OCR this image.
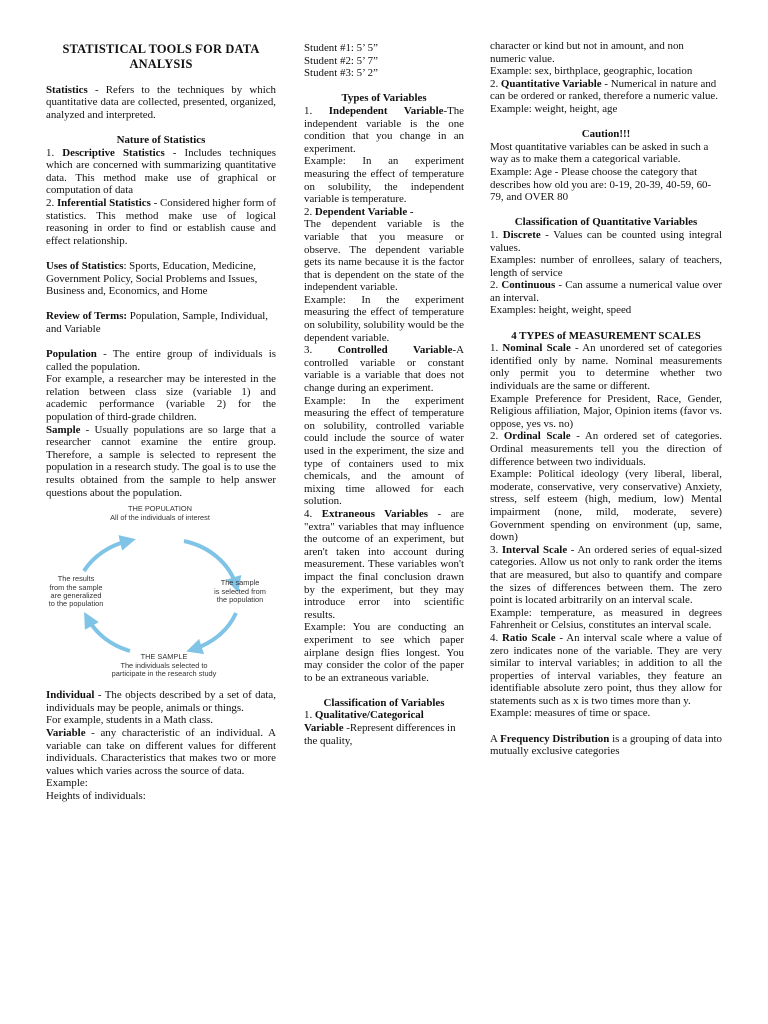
STATISTICAL TOOLS FOR DATA ANALYSIS

Statistics - Refers to the techniques by which quantitative data are collected, presented, organized, analyzed and interpreted.

Nature of Statistics

1. Descriptive Statistics - Includes techniques which are concerned with summarizing quantitative data. This method make use of graphical or computation of data

2. Inferential Statistics - Considered higher form of statistics. This method make use of logical reasoning in order to find or establish cause and effect relationship.

Uses of Statistics: Sports, Education, Medicine, Government Policy, Social Problems and Issues, Business and, Economics, and Home

Review of Terms: Population, Sample, Individual, and Variable

Population - The entire group of individuals is called the population.

For example, a researcher may be interested in the relation between class size (variable 1) and academic performance (variable 2) for the population of third-grade children.

Sample - Usually populations are so large that a researcher cannot examine the entire group. Therefore, a sample is selected to represent the population in a research study. The goal is to use the results obtained from the sample to help answer questions about the population.

THE POPULATION
All of the individuals of interest
The sample
is selected from
the population
The results
from the sample
are generalized
to the population
THE SAMPLE
The individuals selected to
participate in the research study

Individual - The objects described by a set of data, individuals may be people, animals or things.

For example, students in a Math class.

Variable - any characteristic of an individual. A variable can take on different values for different individuals. Characteristics that makes two or more values which varies across the source of data.

Example:

Heights of individuals:

Student #1: 5’ 5”

Student #2: 5’ 7”

Student #3: 5’ 2”

Types of Variables

1. Independent Variable-The independent variable is the one condition that you change in an experiment.

Example: In an experiment measuring the effect of temperature on solubility, the independent variable is temperature.

2. Dependent Variable -

The dependent variable is the variable that you measure or observe. The dependent variable gets its name because it is the factor that is dependent on the state of the independent variable.

Example: In the experiment measuring the effect of temperature on solubility, solubility would be the dependent variable.

3. Controlled Variable-A controlled variable or constant variable is a variable that does not change during an experiment.

Example: In the experiment measuring the effect of temperature on solubility, controlled variable could include the source of water used in the experiment, the size and type of containers used to mix chemicals, and the amount of mixing time allowed for each solution.

4. Extraneous Variables - are "extra" variables that may influence the outcome of an experiment, but aren't taken into account during measurement. These variables won't impact the final conclusion drawn by the experiment, but they may introduce error into scientific results.

Example: You are conducting an experiment to see which paper airplane design flies longest. You may consider the color of the paper to be an extraneous variable.

Classification of Variables

1. Qualitative/Categorical Variable -Represent differences in the quality,

character or kind but not in amount, and non numeric value.

Example: sex, birthplace, geographic, location

2. Quantitative Variable - Numerical in nature and can be ordered or ranked, therefore a numeric value.

Example: weight, height, age

Caution!!!

Most quantitative variables can be asked in such a way as to make them a categorical variable.

Example: Age - Please choose the category that describes how old you are: 0-19, 20-39, 40-59, 60-79, and OVER 80

Classification of Quantitative Variables

1. Discrete - Values can be counted using integral values.

Examples: number of enrollees, salary of teachers, length of service

2. Continuous - Can assume a numerical value over an interval.

Examples: height, weight, speed

4 TYPES of MEASUREMENT SCALES

1. Nominal Scale - An unordered set of categories identified only by name. Nominal measurements only permit you to determine whether two individuals are the same or different.

Example Preference for President, Race, Gender, Religious affiliation, Major, Opinion items (favor vs. oppose, yes vs. no)

2. Ordinal Scale - An ordered set of categories. Ordinal measurements tell you the direction of difference between two individuals.

Example: Political ideology (very liberal, liberal, moderate, conservative, very conservative) Anxiety, stress, self esteem (high, medium, low) Mental impairment (none, mild, moderate, severe) Government spending on environment (up, same, down)

3. Interval Scale - An ordered series of equal-sized categories. Allow us not only to rank order the items that are measured, but also to quantify and compare the sizes of differences between them. The zero point is located arbitrarily on an interval scale.

Example: temperature, as measured in degrees Fahrenheit or Celsius, constitutes an interval scale.

4. Ratio Scale - An interval scale where a value of zero indicates none of the variable. They are very similar to interval variables; in addition to all the properties of interval variables, they feature an identifiable absolute zero point, thus they allow for statements such as x is two times more than y.

Example: measures of time or space.

A Frequency Distribution is a grouping of data into mutually exclusive categories
